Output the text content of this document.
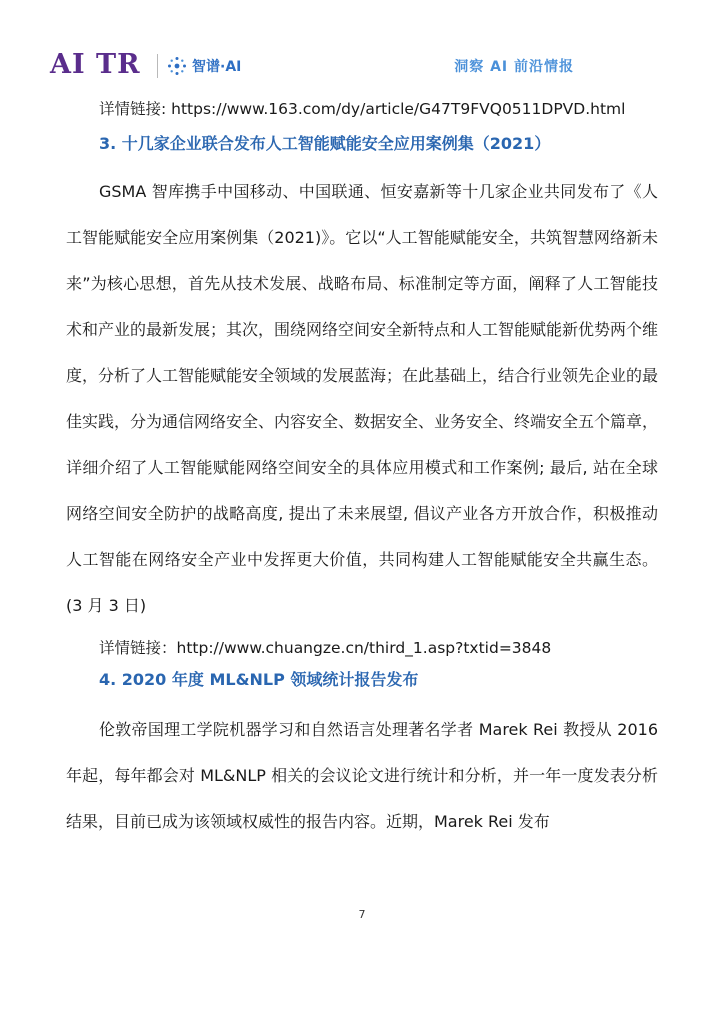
AI TR	智谱·AI	洞察 AI 前沿情报
详情链接: https://www.163.com/dy/article/G47T9FVQ0511DPVD.html
3. 十几家企业联合发布人工智能赋能安全应用案例集（2021）
GSMA 智库携手中国移动、中国联通、恒安嘉新等十几家企业共同发布了《人工智能赋能安全应用案例集（2021)》。它以“人工智能赋能安全，共筑智慧网络新未来”为核心思想，首先从技术发展、战略布局、标准制定等方面，阐释了人工智能技术和产业的最新发展；其次，围绕网络空间安全新特点和人工智能赋能新优势两个维度，分析了人工智能赋能安全领域的发展蓝海；在此基础上，结合行业领先企业的最佳实践，分为通信网络安全、内容安全、数据安全、业务安全、终端安全五个篇章，详细介绍了人工智能赋能网络空间安全的具体应用模式和工作案例; 最后, 站在全球网络空间安全防护的战略高度, 提出了未来展望, 倡议产业各方开放合作，积极推动人工智能在网络安全产业中发挥更大价值，共同构建人工智能赋能安全共赢生态。(3 月 3 日)
详情链接：http://www.chuangze.cn/third_1.asp?txtid=3848
4. 2020 年度 ML&NLP 领域统计报告发布
伦敦帝国理工学院机器学习和自然语言处理著名学者 Marek Rei 教授从 2016 年起，每年都会对 ML&NLP 相关的会议论文进行统计和分析，并一年一度发表分析结果，目前已成为该领域权威性的报告内容。近期，Marek Rei 发布
7
